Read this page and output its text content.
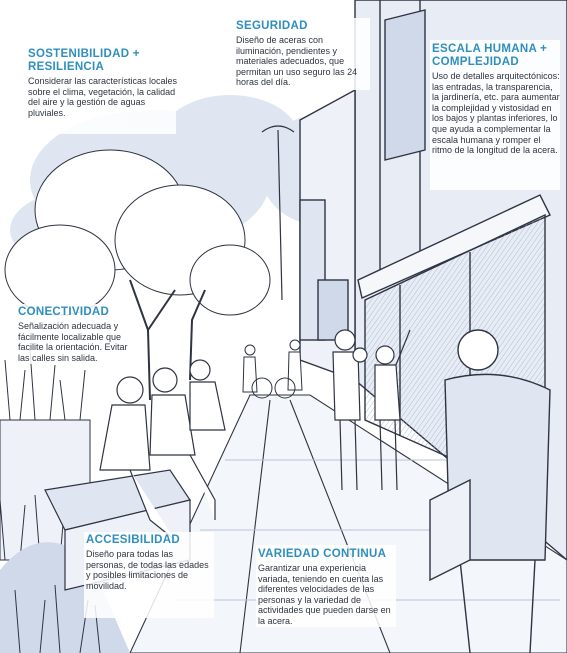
SOSTENIBILIDAD +
RESILIENCIA

Considerar las características locales sobre el clima, vegetación, la calidad del aire y la gestión de aguas pluviales.

SEGURIDAD

Diseño de aceras con iluminación, pendientes y materiales adecuados, que permitan un uso seguro las 24 horas del día.

ESCALA HUMANA +
COMPLEJIDAD

Uso de detalles arquitectónicos: las entradas, la transparencia, la jardinería, etc. para aumentar la complejidad y vistosidad en los bajos y plantas inferiores, lo que ayuda a complementar la escala humana y romper el ritmo de la longitud de la acera.

CONECTIVIDAD

Señalización adecuada y fácilmente localizable que facilite la orientación. Evitar las calles sin salida.

ACCESIBILIDAD

Diseño para todas las personas, de todas las edades y posibles limitaciones de movilidad.

VARIEDAD CONTINUA

Garantizar una experiencia variada, teniendo en cuenta las diferentes velocidades de las personas y la variedad de actividades que pueden darse en la acera.
